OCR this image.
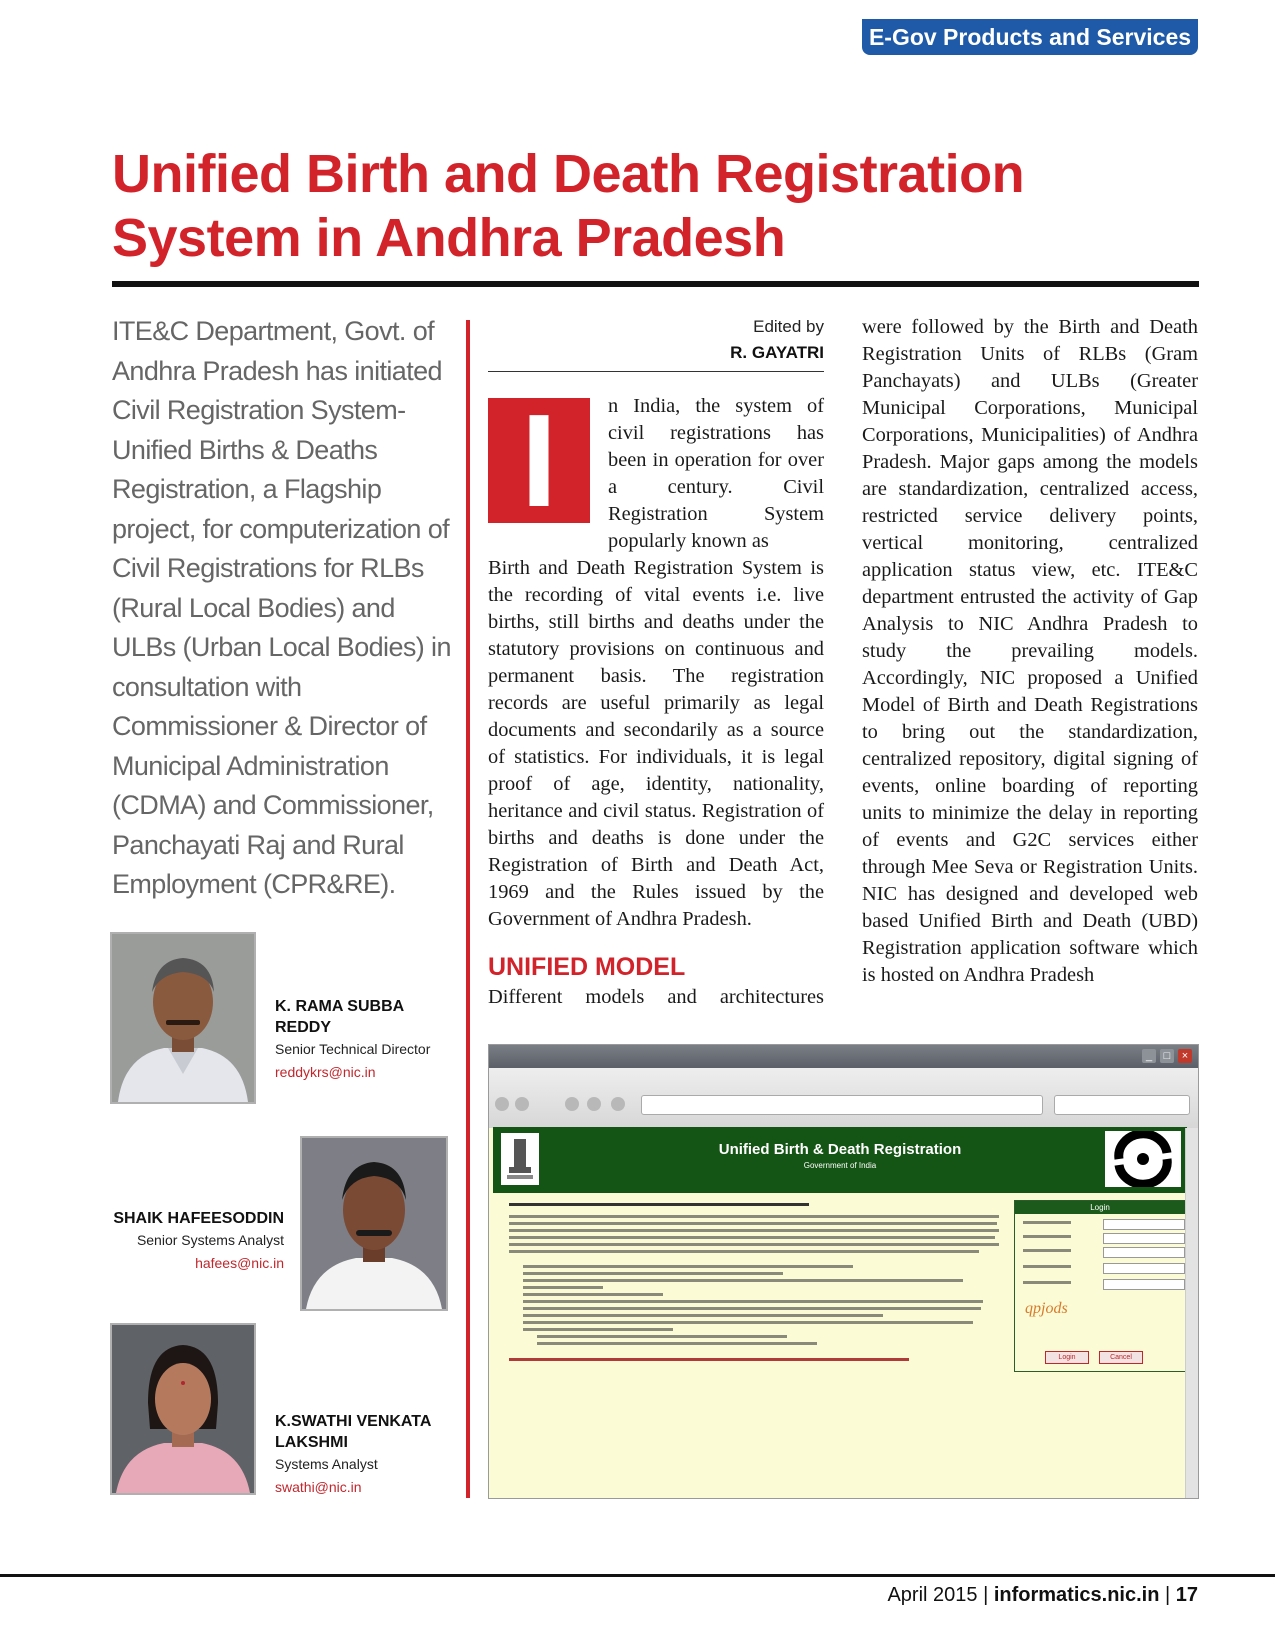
E-Gov Products and Services
Unified Birth and Death Registration
System in Andhra Pradesh

ITE&C Department, Govt. of Andhra Pradesh has initiated Civil Registration System-Unified Births & Deaths Registration, a Flagship project, for computerization of Civil Registrations for RLBs (Rural Local Bodies) and ULBs (Urban Local Bodies) in consultation with Commissioner & Director of Municipal Administration (CDMA) and Commissioner, Panchayati Raj and Rural Employment (CPR&RE).

K. RAMA SUBBA REDDY
Senior Technical Director
reddykrs@nic.in
SHAIK HAFEESODDIN
Senior Systems Analyst
hafees@nic.in
K.SWATHI VENKATA LAKSHMI
Systems Analyst
swathi@nic.in
Edited by
R. GAYATRI
I	n India, the system of civil registrations has been in operation for over a century. Civil Registration System popularly known as

Birth and Death Registration System is the recording of vital events i.e. live births, still births and deaths under the statutory provisions on continuous and permanent basis. The registration records are useful primarily as legal documents and secondarily as a source of statistics. For individuals, it is legal proof of age, identity, nationality, heritance and civil status. Registration of births and deaths is done under the Registration of Birth and Death Act, 1969 and the Rules issued by the Government of Andhra Pradesh.

UNIFIED MODEL

Different models and architectures

were followed by the Birth and Death Registration Units of RLBs (Gram Panchayats) and ULBs (Greater Municipal Corporations, Municipal Corporations, Municipalities) of Andhra Pradesh. Major gaps among the models are standardization, centralized access, restricted service delivery points, vertical monitoring, centralized application status view, etc. ITE&C department entrusted the activity of Gap Analysis to NIC Andhra Pradesh to study the prevailing models. Accordingly, NIC proposed a Unified Model of Birth and Death Registrations to bring out the standardization, centralized repository, digital signing of events, online boarding of reporting units to minimize the delay in reporting of events and G2C services either through Mee Seva or Registration Units. NIC has designed and developed web based Unified Birth and Death (UBD) Registration application software which is hosted on Andhra Pradesh

_	□	×
Unified Birth & Death Registration
Government of India
Login
qpjods
Login	Cancel
April 2015 | informatics.nic.in | 17
